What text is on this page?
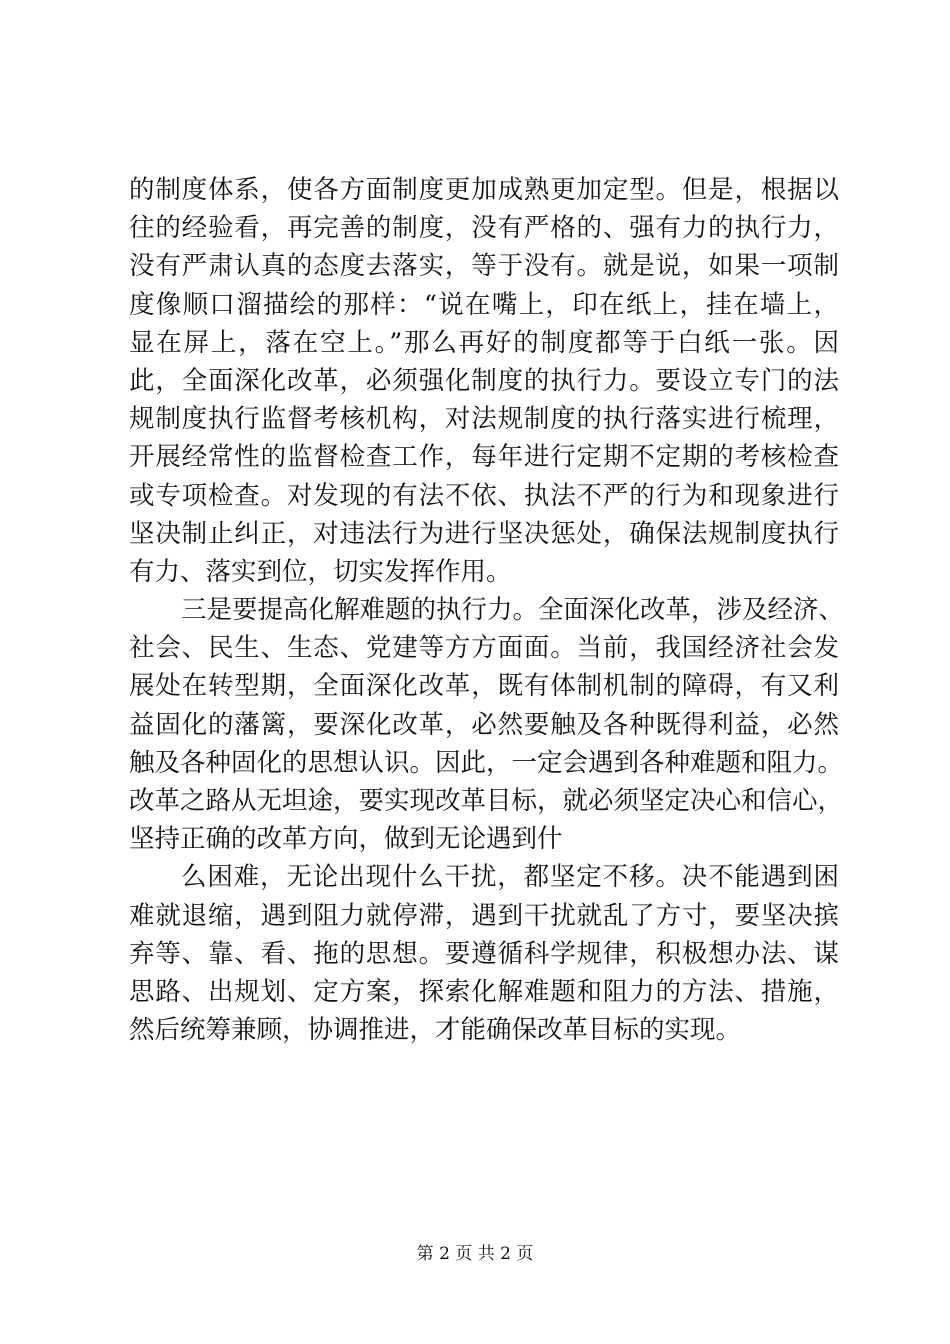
的制度体系，使各方面制度更加成熟更加定型。但是，根据以
往的经验看，再完善的制度，没有严格的、强有力的执行力，
没有严肃认真的态度去落实，等于没有。就是说，如果一项制
度像顺口溜描绘的那样：“说在嘴上，印在纸上，挂在墙上，
显在屏上，落在空上。”那么再好的制度都等于白纸一张。因
此，全面深化改革，必须强化制度的执行力。要设立专门的法
规制度执行监督考核机构，对法规制度的执行落实进行梳理，
开展经常性的监督检查工作，每年进行定期不定期的考核检查
或专项检查。对发现的有法不依、执法不严的行为和现象进行
坚决制止纠正，对违法行为进行坚决惩处，确保法规制度执行
有力、落实到位，切实发挥作用。
三是要提高化解难题的执行力。全面深化改革，涉及经济、
社会、民生、生态、党建等方方面面。当前，我国经济社会发
展处在转型期，全面深化改革，既有体制机制的障碍，有又利
益固化的藩篱，要深化改革，必然要触及各种既得利益，必然
触及各种固化的思想认识。因此，一定会遇到各种难题和阻力。
改革之路从无坦途，要实现改革目标，就必须坚定决心和信心，
坚持正确的改革方向，做到无论遇到什
么困难，无论出现什么干扰，都坚定不移。决不能遇到困
难就退缩，遇到阻力就停滞，遇到干扰就乱了方寸，要坚决摈
弃等、靠、看、拖的思想。要遵循科学规律，积极想办法、谋
思路、出规划、定方案，探索化解难题和阻力的方法、措施，
然后统筹兼顾，协调推进，才能确保改革目标的实现。
第 2 页 共 2 页
